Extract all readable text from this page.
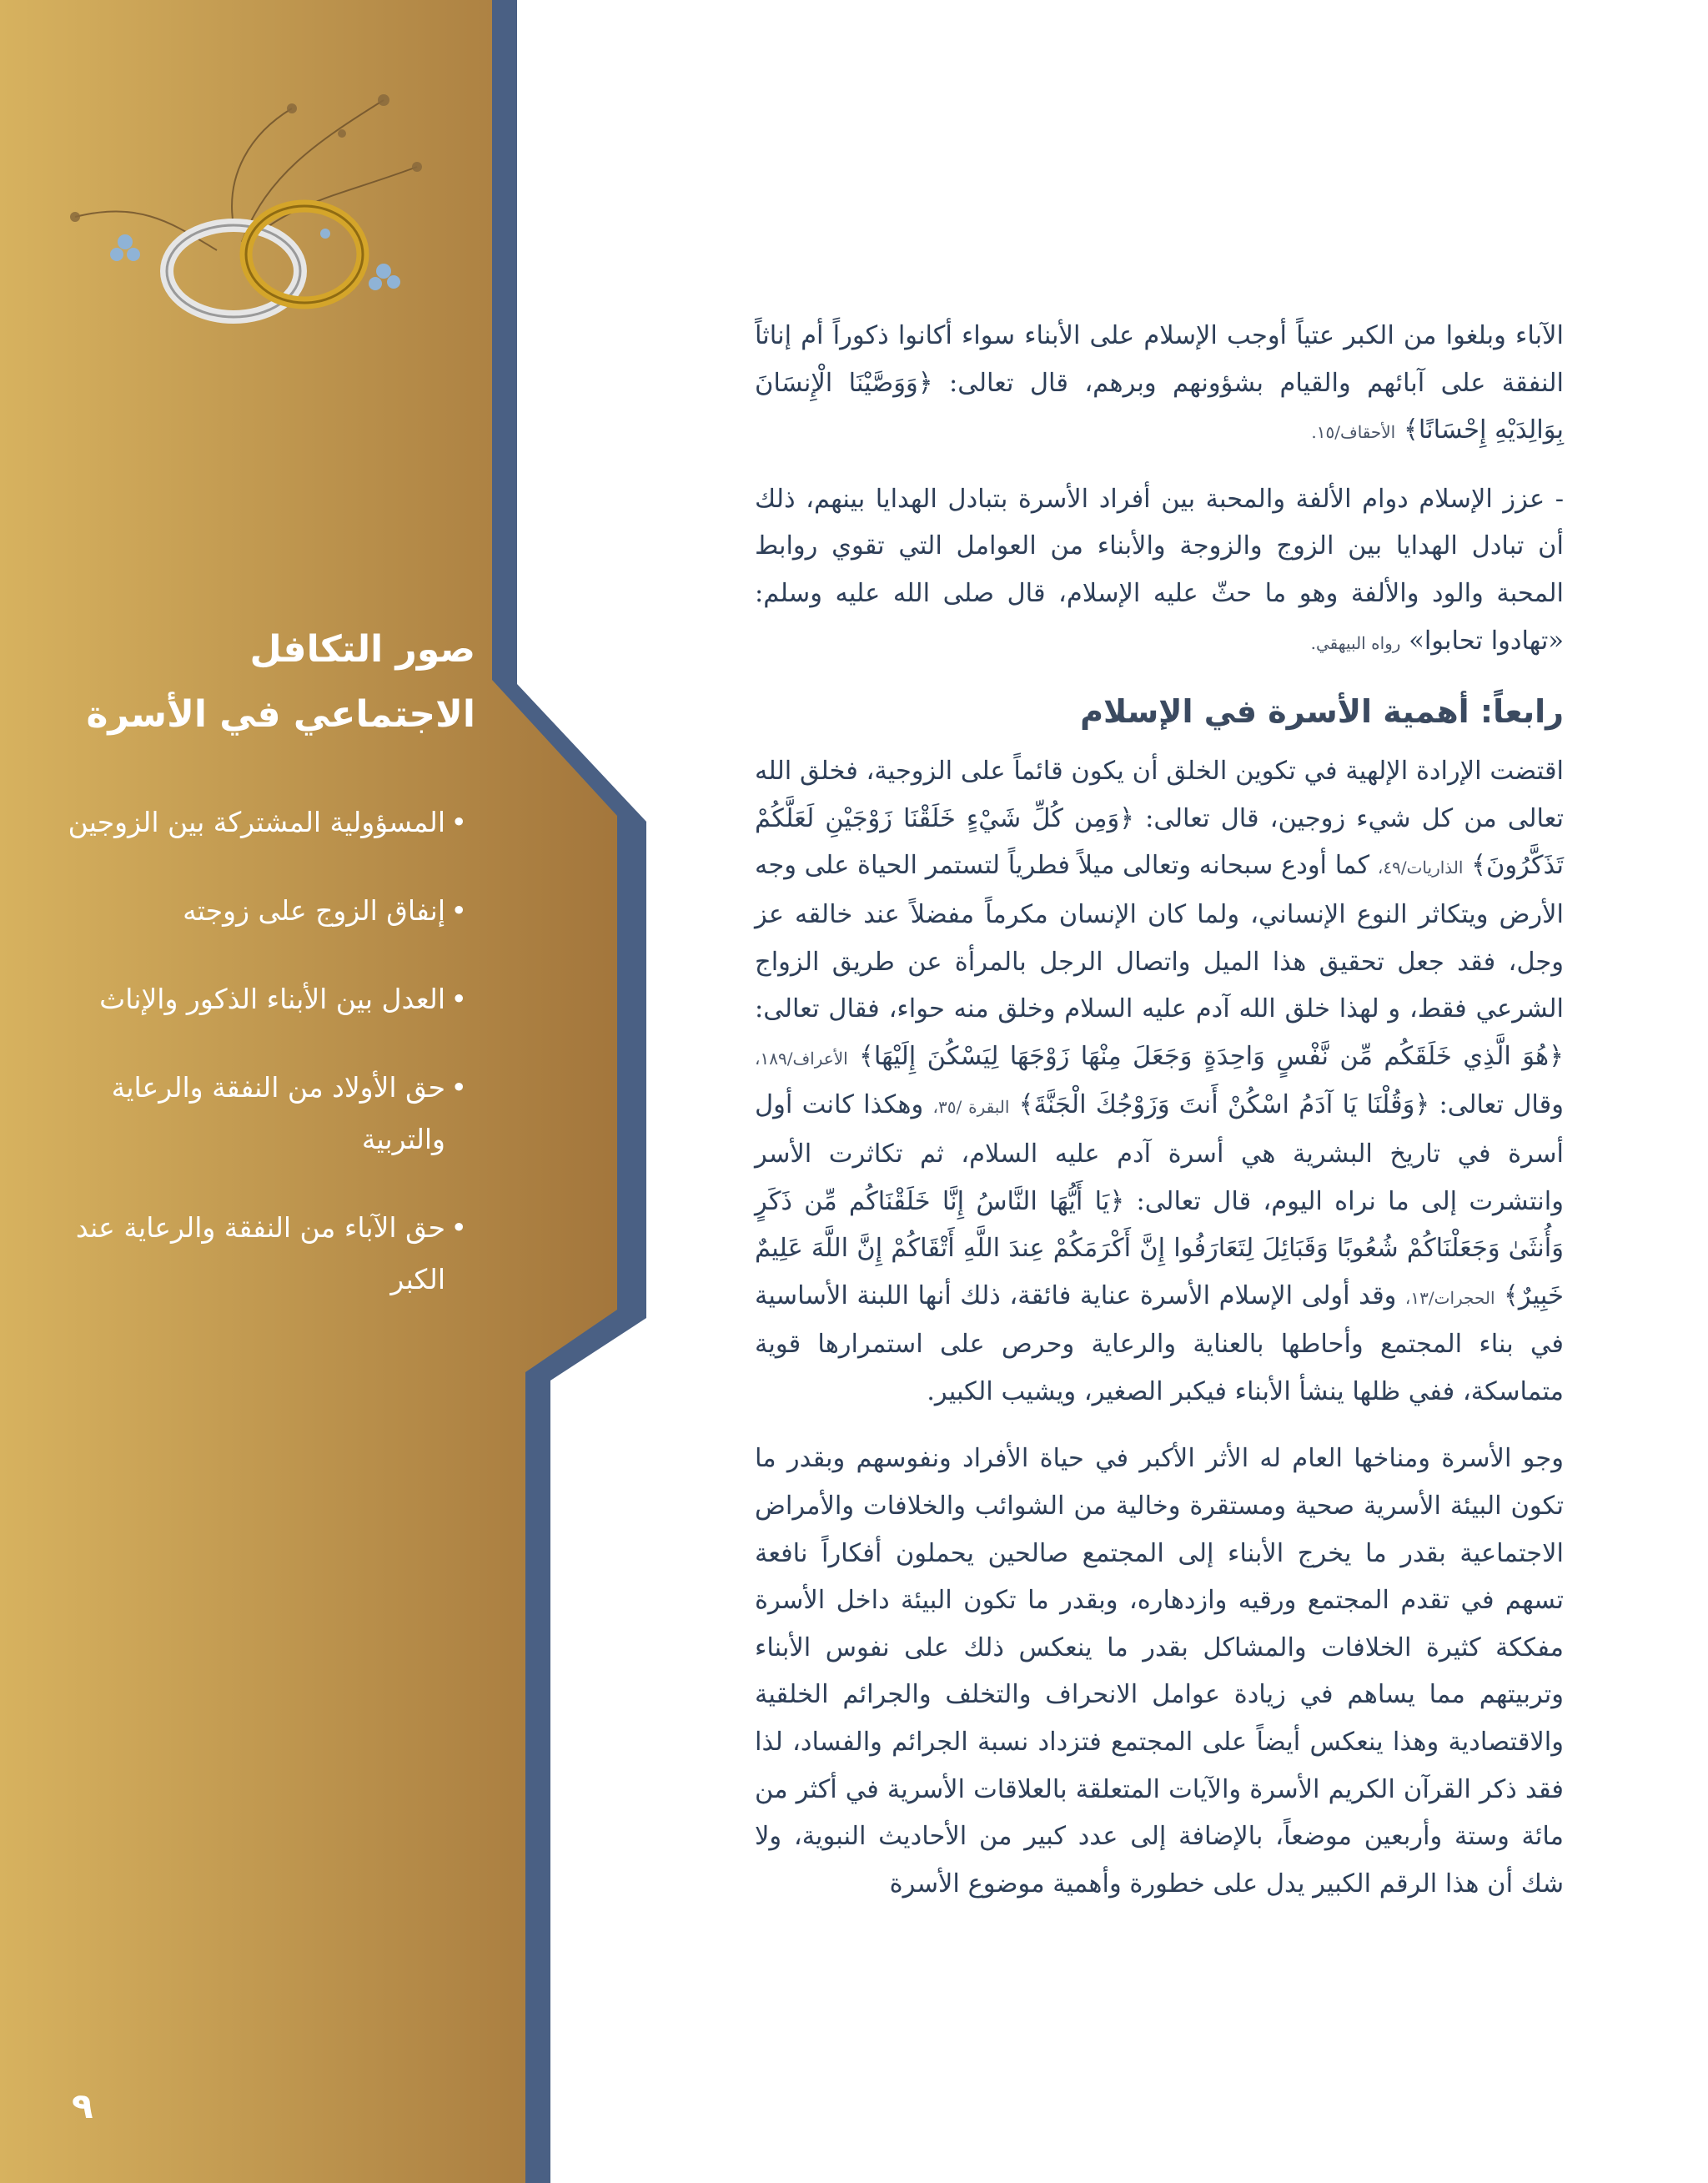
صور التكافل
الاجتماعي في الأسرة
• المسؤولية المشتركة بين الزوجين
• إنفاق الزوج على زوجته
• العدل بين الأبناء الذكور والإناث
• حق الأولاد من النفقة والرعاية والتربية
• حق الآباء من النفقة والرعاية عند الكبر

الآباء وبلغوا من الكبر عتياً أوجب الإسلام على الأبناء سواء أكانوا ذكوراً أم إناثاً النفقة على آبائهم والقيام بشؤونهم وبرهم، قال تعالى: ﴿وَوَصَّيْنَا الْإِنسَانَ بِوَالِدَيْهِ إِحْسَانًا﴾ الأحقاف/١٥.

- عزز الإسلام دوام الألفة والمحبة بين أفراد الأسرة بتبادل الهدايا بينهم، ذلك أن تبادل الهدايا بين الزوج والزوجة والأبناء من العوامل التي تقوي روابط المحبة والود والألفة وهو ما حثّ عليه الإسلام، قال صلى الله عليه وسلم: «تهادوا تحابوا» رواه البيهقي.

رابعاً: أهمية الأسرة في الإسلام

اقتضت الإرادة الإلهية في تكوين الخلق أن يكون قائماً على الزوجية، فخلق الله تعالى من كل شيء زوجين، قال تعالى: ﴿وَمِن كُلِّ شَيْءٍ خَلَقْنَا زَوْجَيْنِ لَعَلَّكُمْ تَذَكَّرُونَ﴾ الذاريات/٤٩، كما أودع سبحانه وتعالى ميلاً فطرياً لتستمر الحياة على وجه الأرض ويتكاثر النوع الإنساني، ولما كان الإنسان مكرماً مفضلاً عند خالقه عز وجل، فقد جعل تحقيق هذا الميل واتصال الرجل بالمرأة عن طريق الزواج الشرعي فقط، و لهذا خلق الله آدم عليه السلام وخلق منه حواء، فقال تعالى:﴿هُوَ الَّذِي خَلَقَكُم مِّن نَّفْسٍ وَاحِدَةٍ وَجَعَلَ مِنْهَا زَوْجَهَا لِيَسْكُنَ إِلَيْهَا﴾ الأعراف/١٨٩، وقال تعالى: ﴿وَقُلْنَا يَا آدَمُ اسْكُنْ أَنتَ وَزَوْجُكَ الْجَنَّةَ﴾ البقرة /٣٥، وهكذا كانت أول أسرة في تاريخ البشرية هي أسرة آدم عليه السلام، ثم تكاثرت الأسر وانتشرت إلى ما نراه اليوم، قال تعالى: ﴿يَا أَيُّهَا النَّاسُ إِنَّا خَلَقْنَاكُم مِّن ذَكَرٍ وَأُنثَىٰ وَجَعَلْنَاكُمْ شُعُوبًا وَقَبَائِلَ لِتَعَارَفُوا إِنَّ أَكْرَمَكُمْ عِندَ اللَّهِ أَتْقَاكُمْ إِنَّ اللَّهَ عَلِيمٌ خَبِيرٌ﴾ الحجرات/١٣، وقد أولى الإسلام الأسرة عناية فائقة، ذلك أنها اللبنة الأساسية في بناء المجتمع وأحاطها بالعناية والرعاية وحرص على استمرارها قوية متماسكة، ففي ظلها ينشأ الأبناء فيكبر الصغير، ويشيب الكبير.

وجو الأسرة ومناخها العام له الأثر الأكبر في حياة الأفراد ونفوسهم وبقدر ما تكون البيئة الأسرية صحية ومستقرة وخالية من الشوائب والخلافات والأمراض الاجتماعية بقدر ما يخرج الأبناء إلى المجتمع صالحين يحملون أفكاراً نافعة تسهم في تقدم المجتمع ورقيه وازدهاره، وبقدر ما تكون البيئة داخل الأسرة مفككة كثيرة الخلافات والمشاكل بقدر ما ينعكس ذلك على نفوس الأبناء وتربيتهم مما يساهم في زيادة عوامل الانحراف والتخلف والجرائم الخلقية والاقتصادية وهذا ينعكس أيضاً على المجتمع فتزداد نسبة الجرائم والفساد، لذا فقد ذكر القرآن الكريم الأسرة والآيات المتعلقة بالعلاقات الأسرية في أكثر من مائة وستة وأربعين موضعاً، بالإضافة إلى عدد كبير من الأحاديث النبوية، ولا شك أن هذا الرقم الكبير يدل على خطورة وأهمية موضوع الأسرة

٩
